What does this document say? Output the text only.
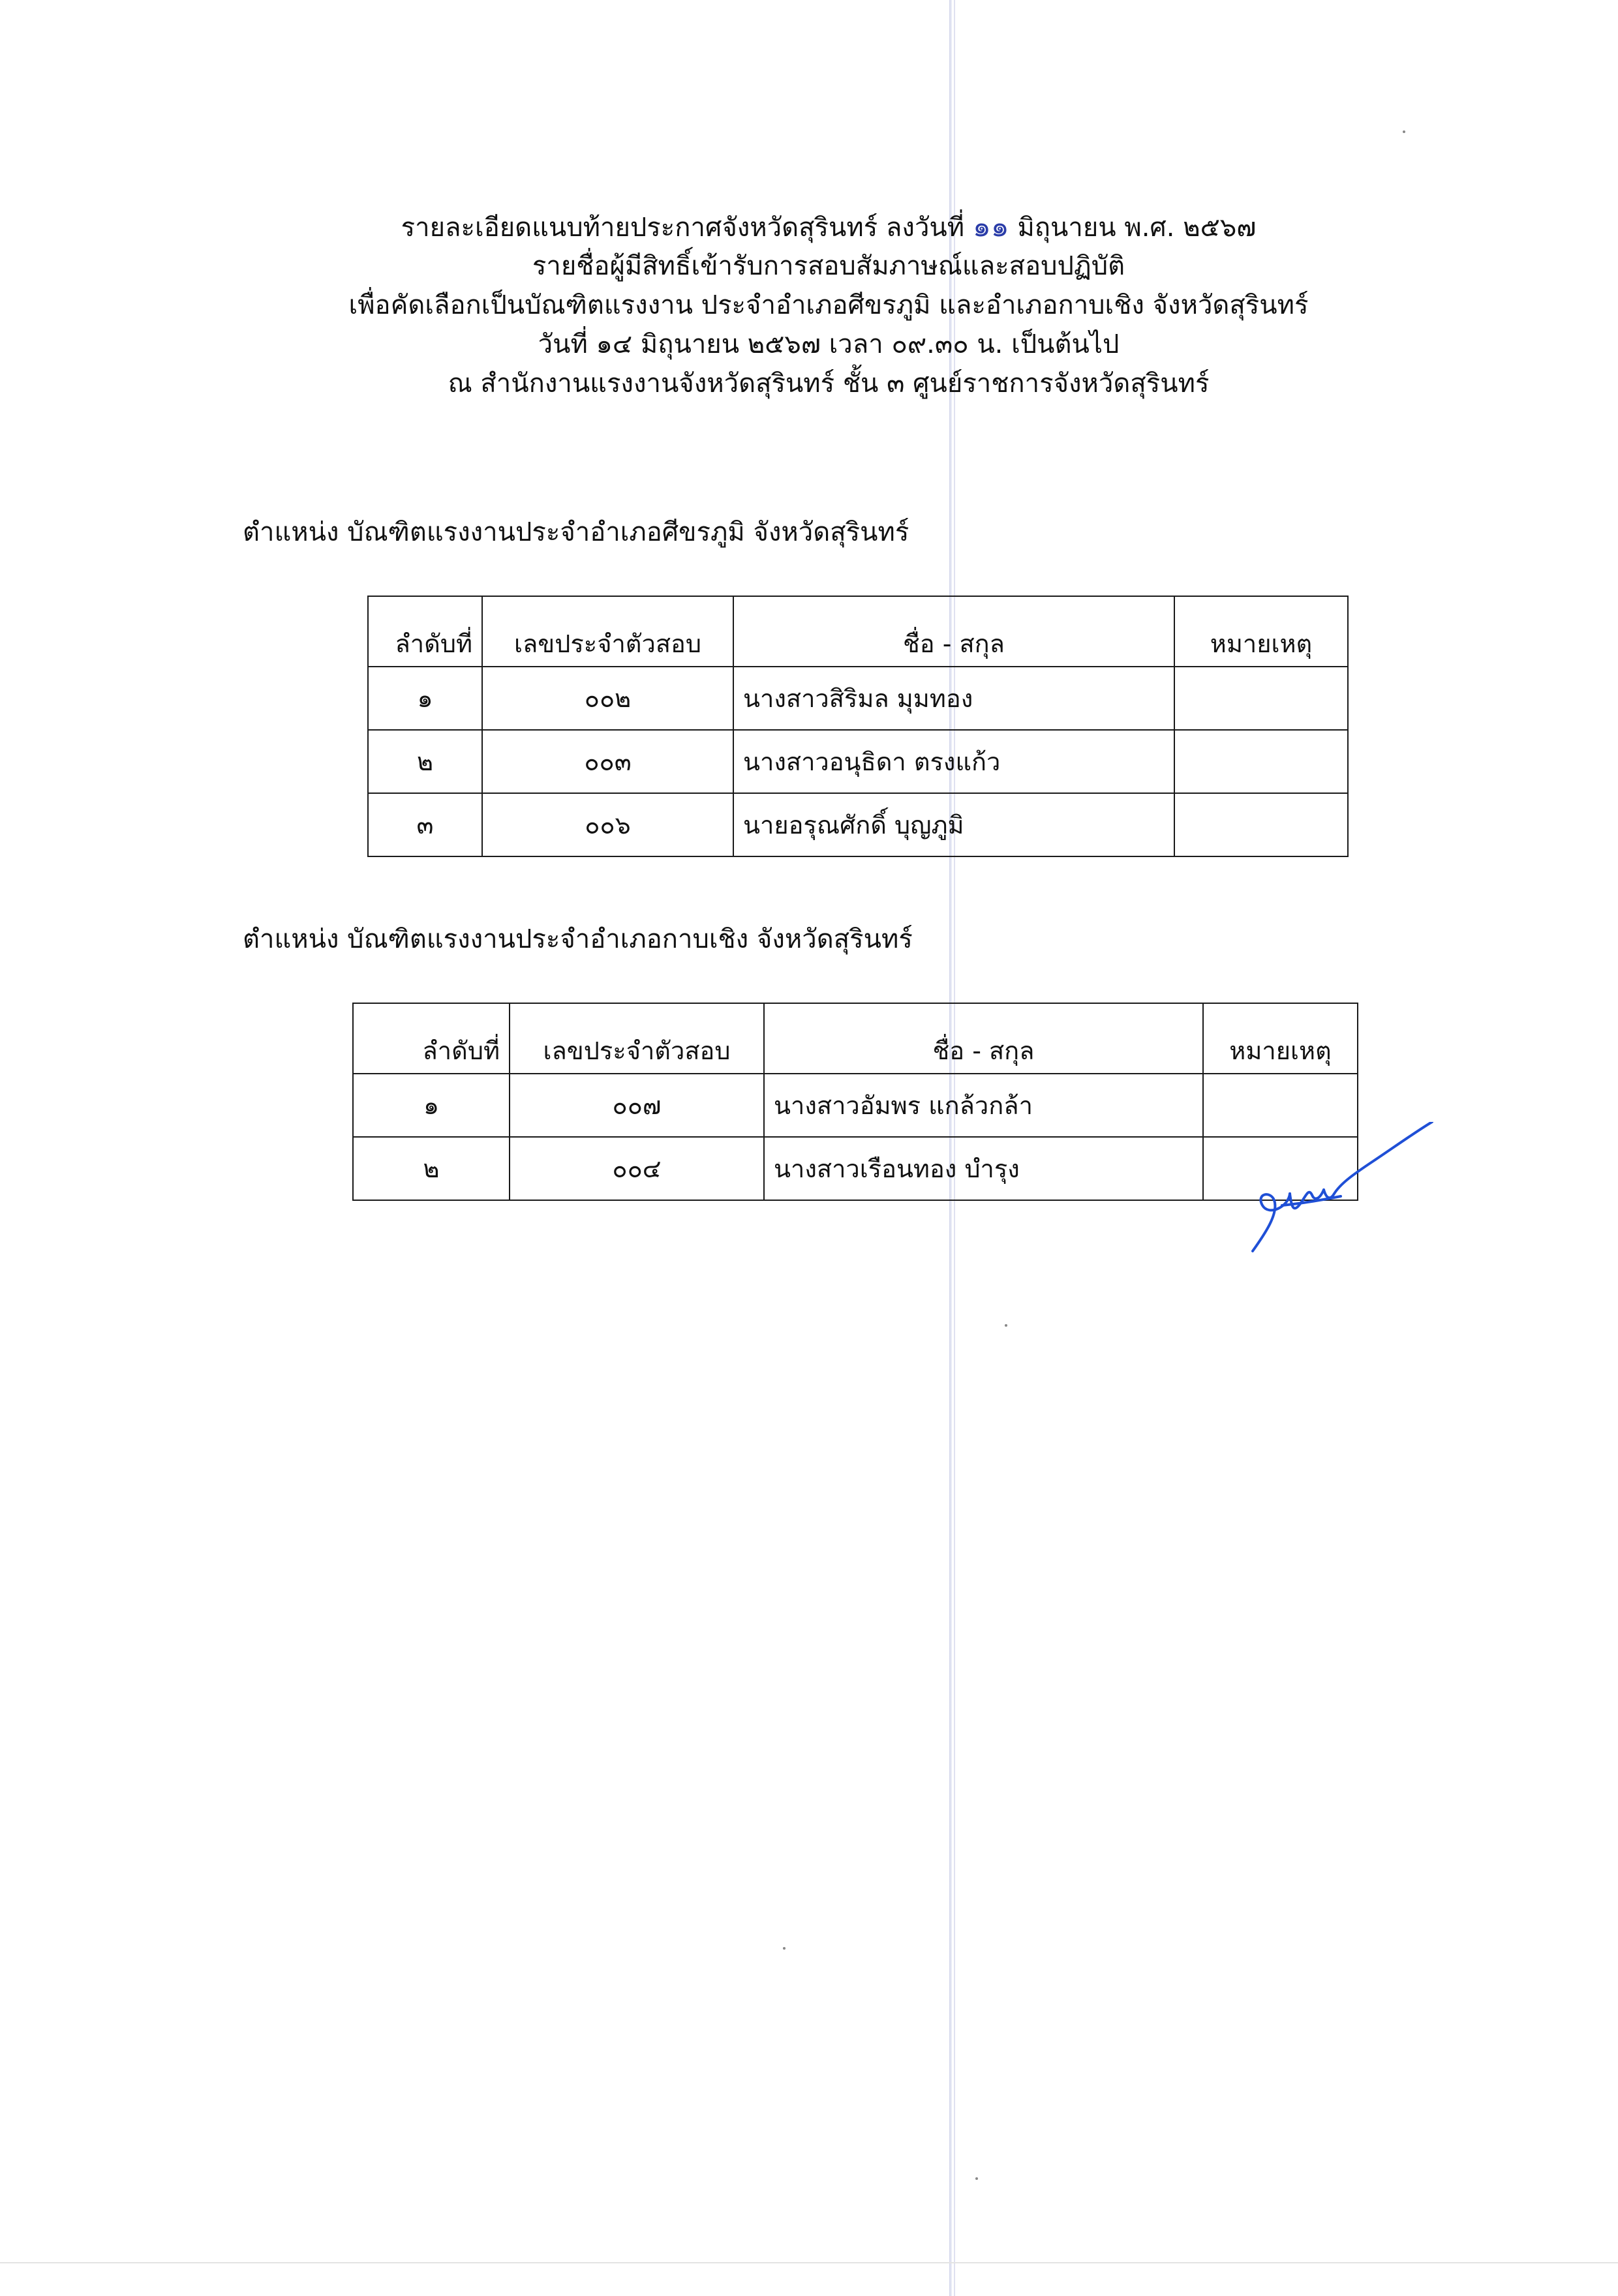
รายละเอียดแนบท้ายประกาศจังหวัดสุรินทร์ ลงวันที่ ๑๑ มิถุนายน พ.ศ. ๒๕๖๗
รายชื่อผู้มีสิทธิ์เข้ารับการสอบสัมภาษณ์และสอบปฏิบัติ
เพื่อคัดเลือกเป็นบัณฑิตแรงงาน ประจำอำเภอศีขรภูมิ และอำเภอกาบเชิง จังหวัดสุรินทร์
วันที่ ๑๔ มิถุนายน ๒๕๖๗ เวลา ๐๙.๓๐ น. เป็นต้นไป
ณ สำนักงานแรงงานจังหวัดสุรินทร์ ชั้น ๓ ศูนย์ราชการจังหวัดสุรินทร์
ตำแหน่ง บัณฑิตแรงงานประจำอำเภอศีขรภูมิ จังหวัดสุรินทร์
ลำดับที่	เลขประจำตัวสอบ	ชื่อ - สกุล	หมายเหตุ
๑	๐๐๒	นางสาวสิริมล มุมทอง	
๒	๐๐๓	นางสาวอนุธิดา ตรงแก้ว	
๓	๐๐๖	นายอรุณศักดิ์ บุญภูมิ	
ตำแหน่ง บัณฑิตแรงงานประจำอำเภอกาบเชิง จังหวัดสุรินทร์
ลำดับที่	เลขประจำตัวสอบ	ชื่อ - สกุล	หมายเหตุ
๑	๐๐๗	นางสาวอัมพร แกล้วกล้า	
๒	๐๐๔	นางสาวเรือนทอง บำรุง	
